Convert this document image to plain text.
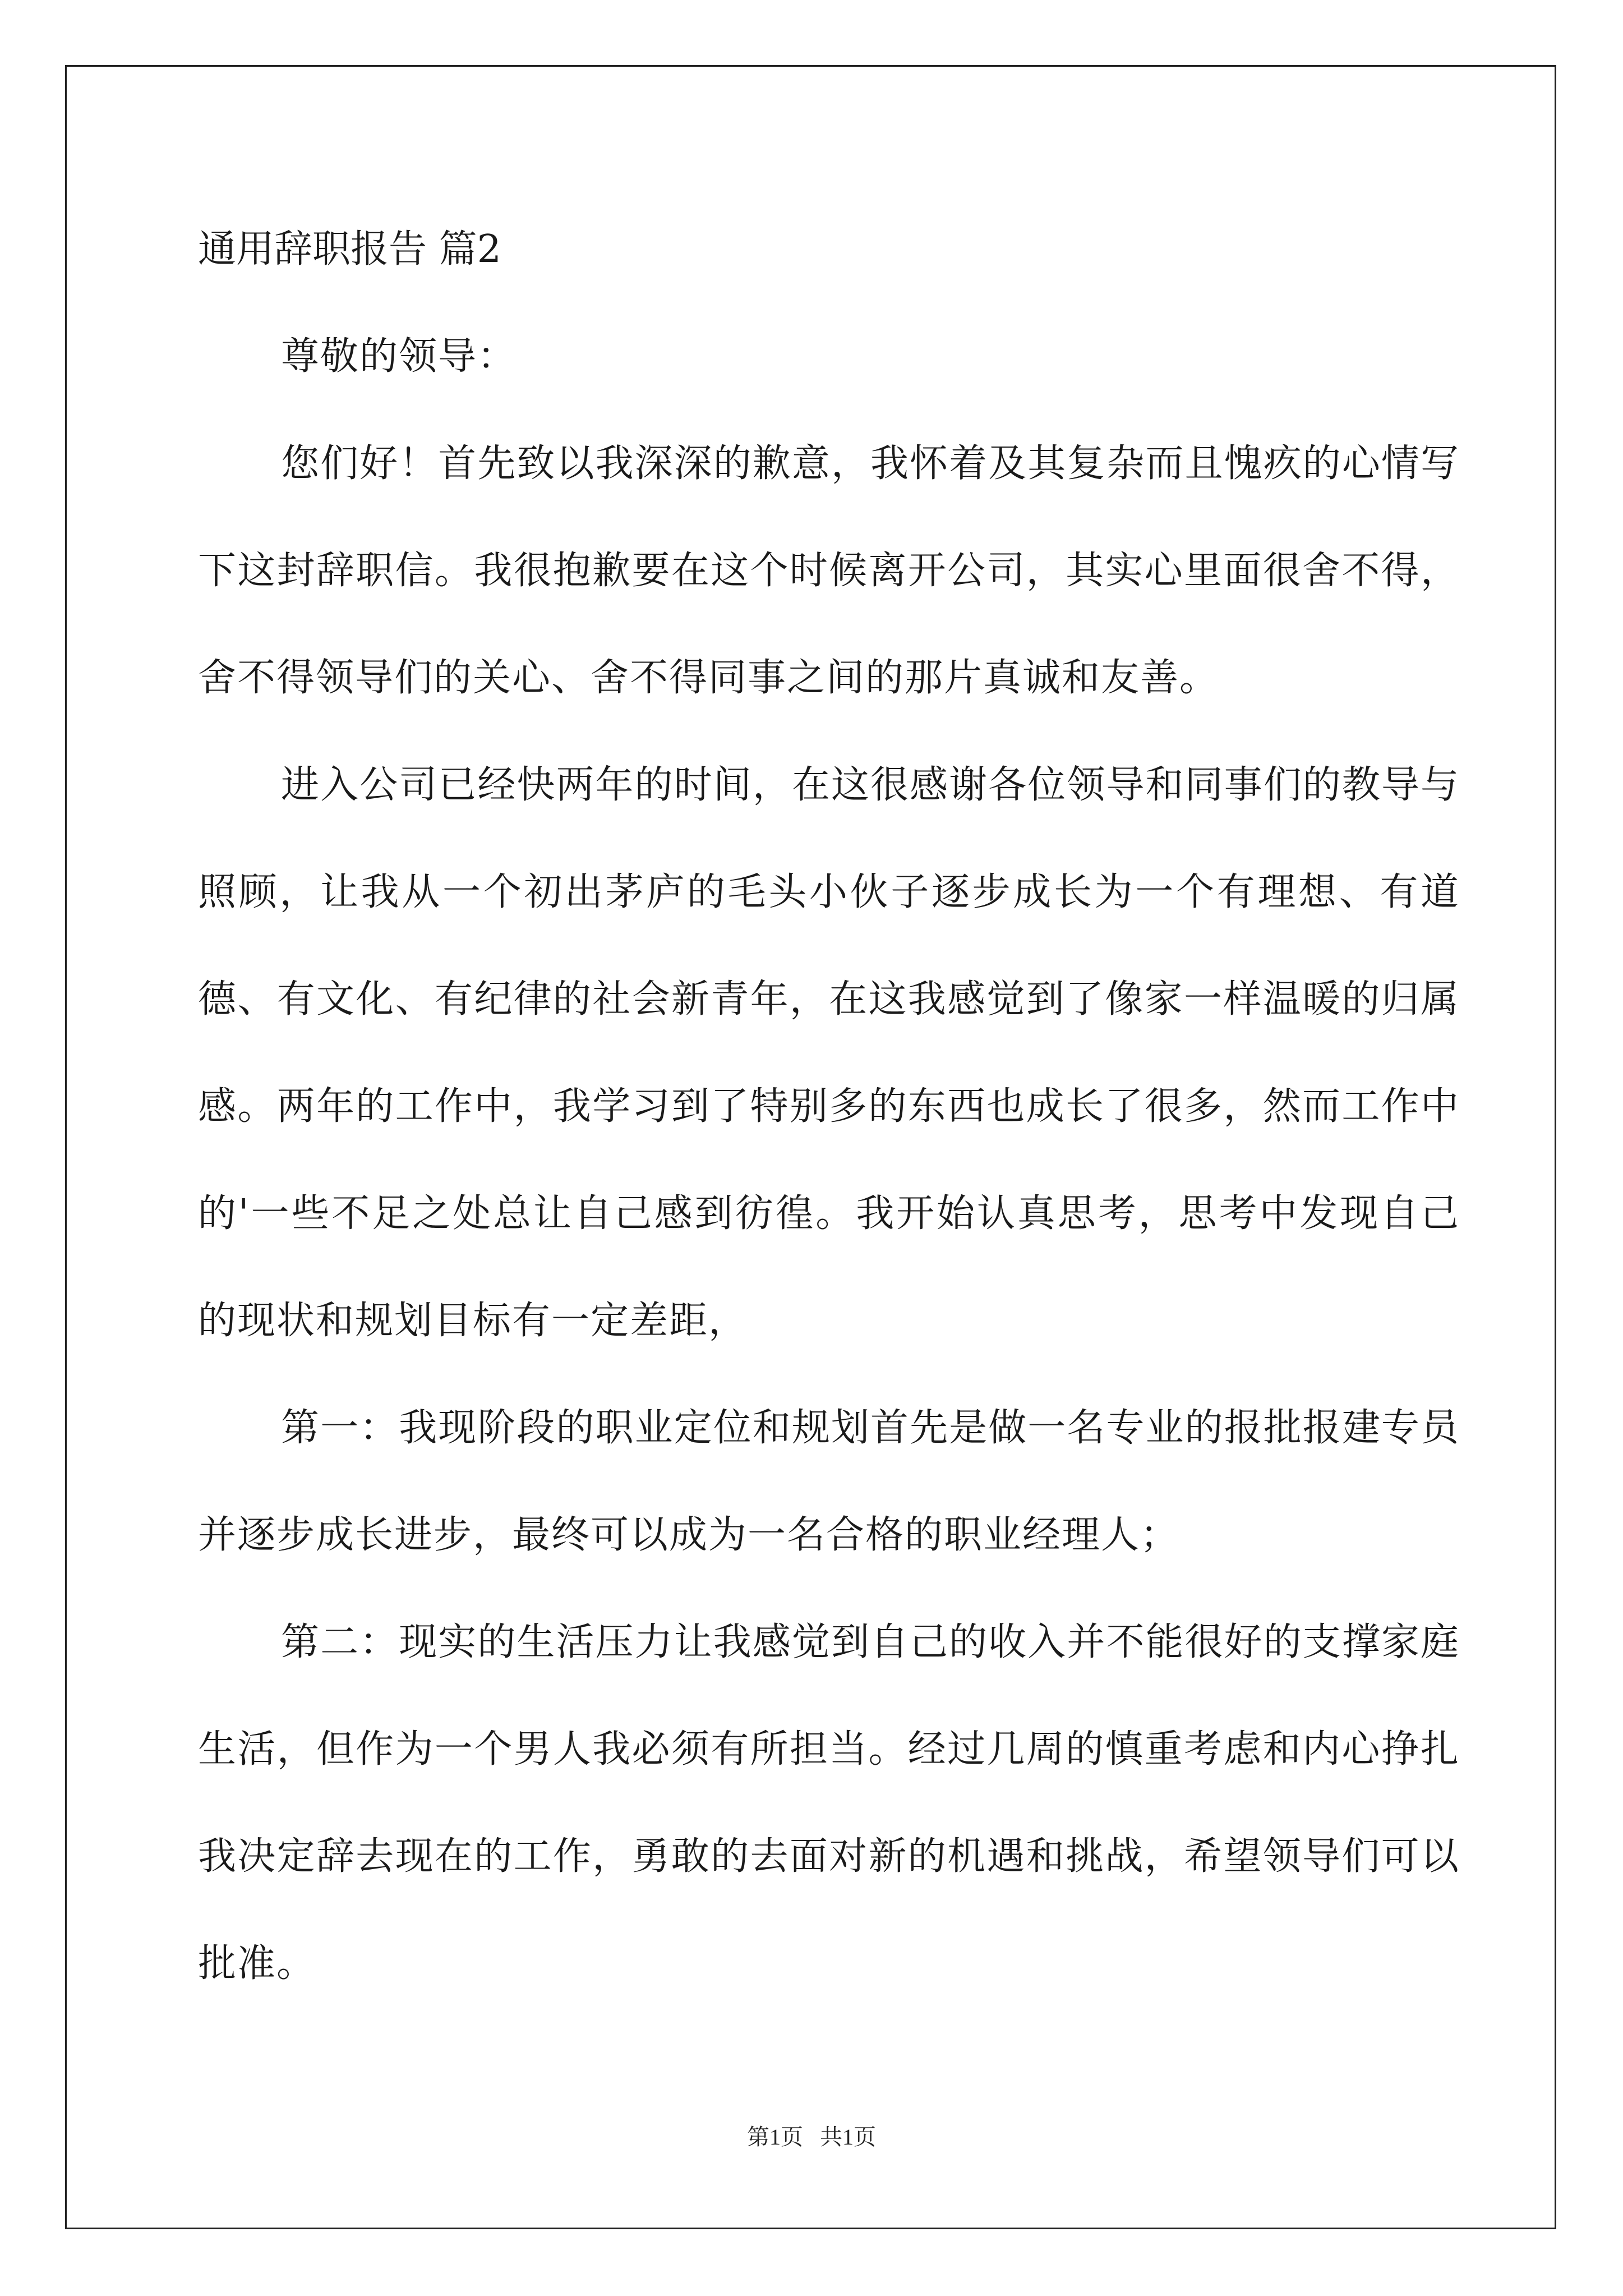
通用辞职报告 篇2

尊敬的领导：

您们好！首先致以我深深的歉意，我怀着及其复杂而且愧疚的心情写下这封辞职信。我很抱歉要在这个时候离开公司，其实心里面很舍不得，舍不得领导们的关心、舍不得同事之间的那片真诚和友善。

进入公司已经快两年的时间，在这很感谢各位领导和同事们的教导与照顾，让我从一个初出茅庐的毛头小伙子逐步成长为一个有理想、有道德、有文化、有纪律的社会新青年，在这我感觉到了像家一样温暖的归属感。两年的工作中，我学习到了特别多的东西也成长了很多，然而工作中的'一些不足之处总让自己感到彷徨。我开始认真思考，思考中发现自己的现状和规划目标有一定差距，

第一：我现阶段的职业定位和规划首先是做一名专业的报批报建专员并逐步成长进步，最终可以成为一名合格的职业经理人；

第二：现实的生活压力让我感觉到自己的收入并不能很好的支撑家庭生活，但作为一个男人我必须有所担当。经过几周的慎重考虑和内心挣扎我决定辞去现在的工作，勇敢的去面对新的机遇和挑战，希望领导们可以批准。

第1页   共1页
